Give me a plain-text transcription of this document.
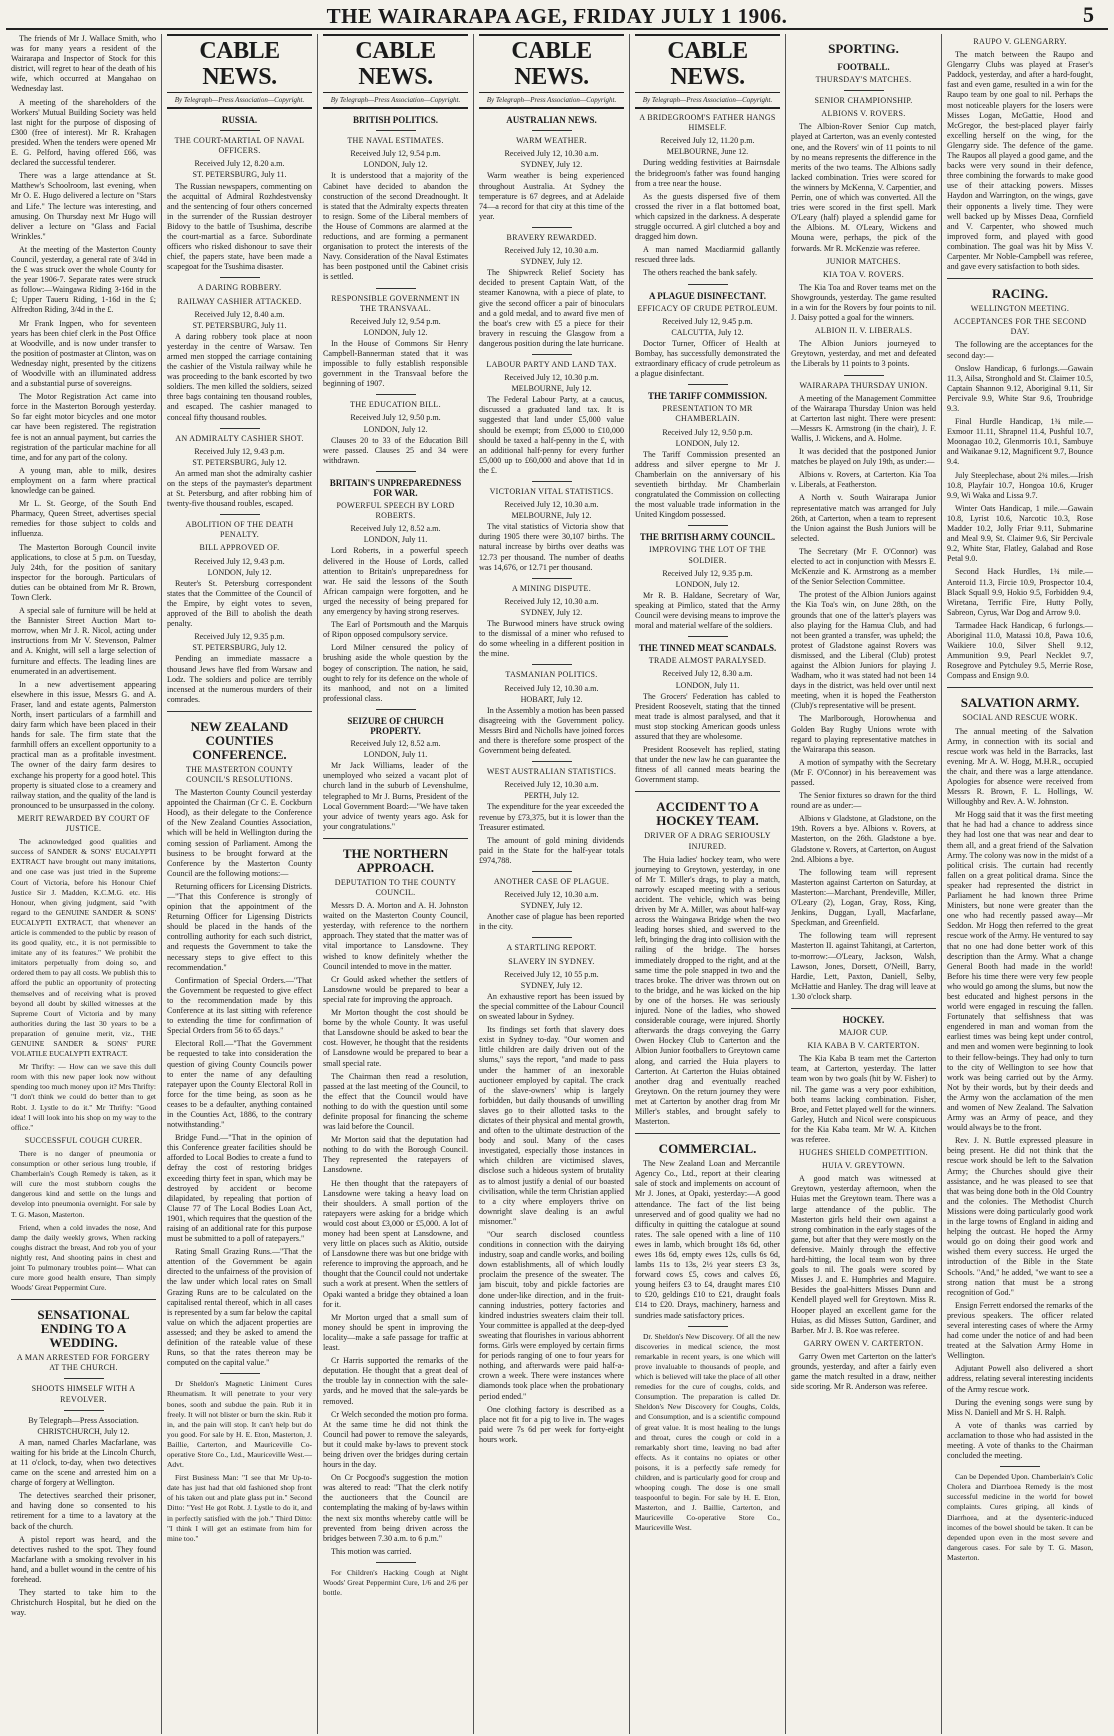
THE WAIRARAPA AGE, FRIDAY JULY 1⁠ 1906.	5

The friends of Mr J. Wallace Smith, who was for many years a resident of the Wairarapa and Inspector of Stock for this district, will regret to hear of the death of his wife, which occurred at Mangahao on Wednesday last.

A meeting of the shareholders of the Workers' Mutual Building Society was held last night for the purpose of disposing of £300 (free of interest). Mr R. Krahagen presided. When the tenders were opened Mr E. G. Pelford, having offered £66, was declared the successful tenderer.

There was a large attendance at St. Matthew's Schoolroom, last evening, when Mr O. E. Hugo delivered a lecture on "Stars and Life." The lecture was interesting, and amusing. On Thursday next Mr Hugo will deliver a lecture on "Glass and Facial Wrinkles."

At the meeting of the Masterton County Council, yesterday, a general rate of 3/4d in the £ was struck over the whole County for the year 1906-7. Separate rates were struck as follow:—Waingawa Riding 3-16d in the £; Upper Taueru Riding, 1-16d in the £; Alfredton Riding, 3/4d in the £.

Mr Frank Ingpen, who for seventeen years has been chief clerk in the Post Office at Woodville, and is now under transfer to the position of postmaster at Clinton, was on Wednesday night, presented by the citizens of Woodville with an illuminated address and a substantial purse of sovereigns.

The Motor Registration Act came into force in the Masterton Borough yesterday. So far eight motor bicycles and one motor car have been registered. The registration fee is not an annual payment, but carries the registration of the particular machine for all time, and for any part of the colony.

A young man, able to milk, desires employment on a farm where practical knowledge can be gained.

Mr L. St. George, of the South End Pharmacy, Queen Street, advertises special remedies for those subject to colds and influenza.

The Masterton Borough Council invite applications, to close at 5 p.m. on Tuesday, July 24th, for the position of sanitary inspector for the borough. Particulars of duties can be obtained from Mr R. Brown, Town Clerk.

A special sale of furniture will be held at the Bannister Street Auction Mart to-morrow, when Mr J. R. Nicol, acting under instructions from Mr V. Stevenson, Palmer and A. Knight, will sell a large selection of furniture and effects. The leading lines are enumerated in an advertisement.

In a new advertisement appearing elsewhere in this issue, Messrs G. and A. Fraser, land and estate agents, Palmerston North, insert particulars of a farmhill and dairy farm which have been placed in their hands for sale. The firm state that the farmhill offers an excellent opportunity to a practical man as a profitable investment. The owner of the dairy farm desires to exchange his property for a good hotel. This property is situated close to a creamery and railway station, and the quality of the land is pronounced to be unsurpassed in the colony.

MERIT REWARDED BY COURT OF JUSTICE.

The acknowledged good qualities and success of SANDER & SONS' EUCALYPTI EXTRACT have brought out many imitations, and one case was just tried in the Supreme Court of Victoria, before his Honour Chief Justice Sir J. Madden, K.C.M.G. etc. His Honour, when giving judgment, said "with regard to the GENUINE SANDER & SONS' EUCALYPTI EXTRACT, that whenever an article is commended to the public by reason of its good quality, etc., it is not permissible to imitate any of its features." We prohibit the imitators perpetually from doing so, and ordered them to pay all costs. We publish this to afford the public an opportunity of protecting themselves and of receiving what is proved beyond all doubt by skilled witnesses at the Supreme Court of Victoria and by many authorities during the last 30 years to be a preparation of genuine merit, viz., THE GENUINE SANDER & SONS' PURE VOLATILE EUCALYPTI EXTRACT.

Mr Thrifty: — How can we save this dull room with this new paper look now without spending too much money upon it? Mrs Thrifty: "I don't think we could do better than to get Robt. J. Lystle to do it." Mr Thrifty: "Good idea! I will look into his shop on my way to the office."

SUCCESSFUL COUGH CURER.

There is no danger of pneumonia or consumption or other serious lung trouble, if Chamberlain's Cough Remedy is taken, as it will cure the most stubborn coughs the dangerous kind and settle on the lungs and develop into pneumonia overnight. For sale by T. G. Mason, Masterton.

Friend, when a cold invades the nose, And damp the daily weekly grows, When racking coughs distract the breast, And rob you of your nightly rest, And shooting pains in chest and joint To pulmonary troubles point— What can cure more good health ensure, Than simply Woods' Great Peppermint Cure.

SENSATIONAL ENDING TO A WEDDING.
A MAN ARRESTED FOR FORGERY AT THE CHURCH.
SHOOTS HIMSELF WITH A REVOLVER.
By Telegraph—Press Association.
CHRISTCHURCH, July 12.

A man, named Charles Macfarlane, was waiting for his bride at the Lincoln Church, at 11 o'clock, to-day, when two detectives came on the scene and arrested him on a charge of forgery at Wellington.

The detectives searched their prisoner, and having done so consented to his retirement for a time to a lavatory at the back of the church.

A pistol report was heard, and the detectives rushed to the spot. They found Macfarlane with a smoking revolver in his hand, and a bullet wound in the centre of his forehead.

They started to take him to the Christchurch Hospital, but he died on the way.

CABLE NEWS.
By Telegraph—Press Association—Copyright.
RUSSIA.
THE COURT-MARTIAL OF NAVAL OFFICERS.
Received July 12, 8.20 a.m.
ST. PETERSBURG, July 11.

The Russian newspapers, commenting on the acquittal of Admiral Rozhdestvensky and the sentencing of four others concerned in the surrender of the Russian destroyer Bidovy to the battle of Tsushima, describe the court-martial as a farce. Subordinate officers who risked dishonour to save their chief, the papers state, have been made a scapegoat for the Tsushima disaster.

A DARING ROBBERY.
RAILWAY CASHIER ATTACKED.
Received July 12, 8.40 a.m.
ST. PETERSBURG, July 11.

A daring robbery took place at noon yesterday in the centre of Warsaw. Ten armed men stopped the carriage containing the cashier of the Vistula railway while he was proceeding to the bank escorted by two soldiers. The men killed the soldiers, seized three bags containing ten thousand roubles, and escaped. The cashier managed to conceal fifty thousand roubles.

AN ADMIRALTY CASHIER SHOT.
Received July 12, 9.43 p.m.
ST. PETERSBURG, July 12.

An armed man shot the admiralty cashier on the steps of the paymaster's department at St. Petersburg, and after robbing him of twenty-five thousand roubles, escaped.

ABOLITION OF THE DEATH PENALTY.
BILL APPROVED OF.
Received July 12, 9.43 p.m.
LONDON, July 12.

Reuter's St. Petersburg correspondent states that the Committee of the Council of the Empire, by eight votes to seven, approved of the Bill to abolish the death penalty.

Received July 12, 9.35 p.m.
ST. PETERSBURG, July 12.

Pending an immediate massacre a thousand Jews have fled from Warsaw and Lodz. The soldiers and police are terribly incensed at the numerous murders of their comrades.

NEW ZEALAND COUNTIES CONFERENCE.
THE MASTERTON COUNTY COUNCIL'S RESOLUTIONS.

The Masterton County Council yesterday appointed the Chairman (Cr C. E. Cockburn Hood), as their delegate to the Conference of the New Zealand Counties Association, which will be held in Wellington during the coming session of Parliament. Among the business to be brought forward at the Conference by the Masterton County Council are the following motions:—

Returning officers for Licensing Districts.—"That this Conference is strongly of opinion that the appointment of the Returning Officer for Ligensing Districts should be placed in the hands of the controlling authority for each such district, and requests the Government to take the necessary steps to give effect to this recommendation."

Confirmation of Special Orders.—"That the Government be requested to give effect to the recommendation made by this Conference at its last sitting with reference to extending the time for confirmation of Special Orders from 56 to 65 days."

Electoral Roll.—"That the Government be requested to take into consideration the question of giving County Councils power to enter the name of any defaulting ratepayer upon the County Electoral Roll in force for the time being, as soon as he ceases to be a defaulter, anything contained in the Counties Act, 1886, to the contrary notwithstanding."

Bridge Fund.—"That in the opinion of this Conference greater facilities should be afforded to Local Bodies to create a fund to defray the cost of restoring bridges exceeding thirty feet in span, which may be destroyed by accident or become dilapidated, by repealing that portion of Clause 77 of The Local Bodies Loan Act, 1901, which requires that the question of the raising of an additional rate for this purpose must be submitted to a poll of ratepayers."

Rating Small Grazing Runs.—"That the attention of the Government be again directed to the unfairness of the provision of the law under which local rates on Small Grazing Runs are to be calculated on the capitalised rental thereof, which in all cases is represented by a sum far below the capital value on which the adjacent properties are assessed; and they be asked to amend the definition of the rateable value of these Runs, so that the rates thereon may be computed on the capital value."

Dr Sheldon's Magnetic Liniment Cures Rheumatism. It will penetrate to your very bones, sooth and subdue the pain. Rub it in freely. It will not blister or burn the skin. Rub it in, and the pain will stop. It can't help but do you good. For sale by H. E. Eton, Masterton, J. Baillie, Carterton, and Mauriceville Co-operative Store Co., Ltd., Mauriceville West.—Advt.

First Business Man: "I see that Mr Up-to-date has just had that old fashioned shop front of his taken out and plate glass put in." Second Ditto: "Yes! He got Robt. J. Lystle to do it, and in perfectly satisfied with the job." Third Ditto: "I think I will get an estimate from him for mine too."

CABLE NEWS.
By Telegraph—Press Association—Copyright.
BRITISH POLITICS.
THE NAVAL ESTIMATES.
Received July 12, 9.54 p.m.
LONDON, July 12.

It is understood that a majority of the Cabinet have decided to abandon the construction of the second Dreadnought. It is stated that the Admiralty expects threaten to resign. Some of the Liberal members of the House of Commons are alarmed at the reductions, and are forming a permanent organisation to protect the interests of the Navy. Consideration of the Naval Estimates has been postponed until the Cabinet crisis is settled.

RESPONSIBLE GOVERNMENT IN THE TRANSVAAL.
Received July 12, 9.54 p.m.
LONDON, July 12.

In the House of Commons Sir Henry Campbell-Bannerman stated that it was impossible to fully establish responsible government in the Transvaal before the beginning of 1907.

THE EDUCATION BILL.
Received July 12, 9.50 p.m.
LONDON, July 12.

Clauses 20 to 33 of the Education Bill were passed. Clauses 25 and 34 were withdrawn.

BRITAIN'S UNPREPAREDNESS FOR WAR.
POWERFUL SPEECH BY LORD ROBERTS.
Received July 12, 8.52 a.m.
LONDON, July 11.

Lord Roberts, in a powerful speech delivered in the House of Lords, called attention to Britain's unpreparedness for war. He said the lessons of the South African campaign were forgotten, and he urged the necessity of being prepared for any emergency by having strong reserves.

The Earl of Portsmouth and the Marquis of Ripon opposed compulsory service.

Lord Milner censured the policy of brushing aside the whole question by the bogey of conscription. The nation, he said, ought to rely for its defence on the whole of its manhood, and not on a limited professional class.

SEIZURE OF CHURCH PROPERTY.
Received July 12, 8.52 a.m.
LONDON, July 11.

Mr Jack Williams, leader of the unemployed who seized a vacant plot of church land in the suburb of Levenshulme, telegraphed to Mr J. Burns, President of the Local Government Board:—"We have taken your advice of twenty years ago. Ask for your congratulations."

THE NORTHERN APPROACH.
DEPUTATION TO THE COUNTY COUNCIL.

Messrs D. A. Morton and A. H. Johnston waited on the Masterton County Council, yesterday, with reference to the northern approach. They stated that the matter was of vital importance to Lansdowne. They wished to know definitely whether the Council intended to move in the matter.

Cr Gould asked whether the settlers of Lansdowne would be prepared to bear a special rate for improving the approach.

Mr Morton thought the cost should be borne by the whole County. It was useful that Lansdowne should be asked to bear the cost. However, he thought that the residents of Lansdowne would be prepared to bear a small special rate.

The Chairman then read a resolution, passed at the last meeting of the Council, to the effect that the Council would have nothing to do with the question until some definite proposal for financing the scheme was laid before the Council.

Mr Morton said that the deputation had nothing to do with the Borough Council. They represented the ratepayers of Lansdowne.

He then thought that the ratepayers of Lansdowne were taking a heavy load on their shoulders. A small portion of the ratepayers were asking for a bridge which would cost about £3,000 or £5,000. A lot of money had been spent at Lansdowne, and very little on places such as Akitio, outside of Lansdowne there was but one bridge with reference to improving the approach, and he thought that the Council could not undertake such a work at present. When the settlers of Opaki wanted a bridge they obtained a loan for it.

Mr Morton urged that a small sum of money should be spent in improving the locality—make a safe passage for traffic at least.

Cr Harris supported the remarks of the deputation. He thought that a great deal of the trouble lay in connection with the sale-yards, and he moved that the sale-yards be removed.

Cr Welch seconded the motion pro forma. At the same time he did not think the Council had power to remove the saleyards, but it could make by-laws to prevent stock being driven over the bridges during certain hours in the day.

On Cr Pocgood's suggestion the motion was altered to read: "That the clerk notify the auctioneers that the Council are contemplating the making of by-laws within the next six months whereby cattle will be prevented from being driven across the bridges between 7.30 a.m. to 6 p.m."

This motion was carried.

For Children's Hacking Cough at Night Woods' Great Peppermint Cure, 1/6 and 2/6 per bottle.

CABLE NEWS.
By Telegraph—Press Association—Copyright.
AUSTRALIAN NEWS.
WARM WEATHER.
Received July 12, 10.30 a.m.
SYDNEY, July 12.

Warm weather is being experienced throughout Australia. At Sydney the temperature is 67 degrees, and at Adelaide 74—a record for that city at this time of the year.

BRAVERY REWARDED.
Received July 12, 10.30 a.m.
SYDNEY, July 12.

The Shipwreck Relief Society has decided to present Captain Watt, of the steamer Kanowna, with a piece of plate, to give the second officer a pair of binoculars and a gold medal, and to award five men of the boat's crew with £5 a piece for their bravery in rescuing the Glasgow from a dangerous position during the late hurricane.

LABOUR PARTY AND LAND TAX.
Received July 12, 10.30 p.m.
MELBOURNE, July 12.

The Federal Labour Party, at a caucus, discussed a graduated land tax. It is suggested that land under £5,000 value should be exempt; from £5,000 to £10,000 should be taxed a half-penny in the £, with an additional half-penny for every further £5,000 up to £60,000 and above that 1d in the £.

VICTORIAN VITAL STATISTICS.
Received July 12, 10.30 a.m.
MELBOURNE, July 12.

The vital statistics of Victoria show that during 1905 there were 30,107 births. The natural increase by births over deaths was 12.73 per thousand. The number of deaths was 14,676, or 12.71 per thousand.

A MINING DISPUTE.
Received July 12, 10.30 a.m.
SYDNEY, July 12.

The Burwood miners have struck owing to the dismissal of a miner who refused to do some wheeling in a different position in the mine.

TASMANIAN POLITICS.
Received July 12, 10.30 a.m.
HOBART, July 12.

In the Assembly a motion has been passed disagreeing with the Government policy. Messrs Bird and Nicholls have joined forces and there is therefore some prospect of the Government being defeated.

WEST AUSTRALIAN STATISTICS.
Received July 12, 10.30 a.m.
PERTH, July 12.

The expenditure for the year exceeded the revenue by £73,375, but it is lower than the Treasurer estimated.

The amount of gold mining dividends paid in the State for the half-year totals £974,788.

ANOTHER CASE OF PLAGUE.
Received July 12, 10.30 a.m.
SYDNEY, July 12.

Another case of plague has been reported in the city.

A STARTLING REPORT.
SLAVERY IN SYDNEY.
Received July 12, 10 55 p.m.
SYDNEY, July 12.

An exhaustive report has been issued by the special committee of the Labour Council on sweated labour in Sydney.

Its findings set forth that slavery does exist in Sydney to-day. "Our women and little children are daily driven out of the slums," says the report, "and made to pass under the hammer of an inexorable auctioneer employed by capital. The crack of the slave-owners' whip is largely forbidden, but daily thousands of unwilling slaves go to their allotted tasks to the dictates of their physical and mental growth, and often to the ultimate destruction of the body and soul. Many of the cases investigated, especially those instances in which children are victimised slaves, disclose such a hideous system of brutality as to almost justify a denial of our boasted civilisation, while the term Christian applied to a city where employers thrive on downright slave dealing is an awful misnomer."

"Our search disclosed countless conditions in connection with the dairying industry, soap and candle works, and boiling down establishments, all of which loudly proclaim the presence of the sweater. The jam biscuit, toby and pickle factories are done under-like direction, and in the fruit-canning industries, pottery factories and kindred industries sweaters claim their toll. Your committee is appalled at the deep-dyed sweating that flourishes in various abhorrent forms. Girls were employed by certain firms for periods ranging of one to four years for nothing, and afterwards were paid half-a-crown a week. There were instances where diamonds took place when the probationary period ended."

One clothing factory is described as a place not fit for a pig to live in. The wages paid were 7s 6d per week for forty-eight hours work.

CABLE NEWS.
By Telegraph—Press Association—Copyright.
A BRIDEGROOM'S FATHER HANGS HIMSELF.
Received July 12, 11.20 p.m.
MELBOURNE, June 12.

During wedding festivities at Bairnsdale the bridegroom's father was found hanging from a tree near the house.

As the guests dispersed five of them crossed the river in a flat bottomed boat, which capsized in the darkness. A desperate struggle occurred. A girl clutched a boy and dragged him down.

A man named Macdiarmid gallantly rescued three lads.

The others reached the bank safely.

A PLAGUE DISINFECTANT.
EFFICACY OF CRUDE PETROLEUM.
Received July 12, 9.45 p.m.
CALCUTTA, July 12.

Doctor Turner, Officer of Health at Bombay, has successfully demonstrated the extraordinary efficacy of crude petroleum as a plague disinfectant.

THE TARIFF COMMISSION.
PRESENTATION TO MR CHAMBERLAIN.
Received July 12, 9.50 p.m.
LONDON, July 12.

The Tariff Commission presented an address and silver epergne to Mr J. Chamberlain on the anniversary of his seventieth birthday. Mr Chamberlain congratulated the Commission on collecting the most valuable trade information in the United Kingdom possessed.

THE BRITISH ARMY COUNCIL.
IMPROVING THE LOT OF THE SOLDIER.
Received July 12, 9.35 p.m.
LONDON, July 12.

Mr R. B. Haldane, Secretary of War, speaking at Pimlico, stated that the Army Council were devising means to improve the moral and material welfare of the soldiers.

THE TINNED MEAT SCANDALS.
TRADE ALMOST PARALYSED.
Received July 12, 8.30 a.m.
LONDON, July 11.

The Grocers' Federation has cabled to President Roosevelt, stating that the tinned meat trade is almost paralysed, and that it must stop stocking American goods unless assured that they are wholesome.

President Roosevelt has replied, stating that under the new law he can guarantee the fitness of all canned meats bearing the Government stamp.

ACCIDENT TO A HOCKEY TEAM.
DRIVER OF A DRAG SERIOUSLY INJURED.

The Huia ladies' hockey team, who were journeying to Greytown, yesterday, in one of Mr T. Miller's drags, to play a match, narrowly escaped meeting with a serious accident. The vehicle, which was being driven by Mr A. Miller, was about half-way across the Waingawa Bridge when the two leading horses shied, and swerved to the left, bringing the drag into collision with the railing of the bridge. The horses immediately dropped to the right, and at the same time the pole snapped in two and the traces broke. The driver was thrown out on to the bridge, and he was kicked on the hip by one of the horses. He was seriously injured. None of the ladies, who showed considerable courage, were injured. Shortly afterwards the drags conveying the Garry Owen Hockey Club to Carterton and the Albion Junior footballers to Greytown came along, and carried the Huia players to Carterton. At Carterton the Huias obtained another drag and eventually reached Greytown. On the return journey they were met at Carterton by another drag from Mr Miller's stables, and brought safely to Masterton.

COMMERCIAL.

The New Zealand Loan and Mercantile Agency Co., Ltd., report at their clearing sale of stock and implements on account of Mr J. Jones, at Opaki, yesterday:—A good attendance. The fact of the list being unreserved and of good quality we had no difficulty in quitting the catalogue at sound rates. The sale opened with a line of 110 ewes in lamb, which brought 18s 6d, other ewes 18s 6d, empty ewes 12s, culls 6s 6d, lambs 11s to 13s, 2½ year steers £3 3s, forward cows £5, cows and calves £6, young heifers £3 to £4, draught mares £10 to £20, geldings £10 to £21, draught foals £14 to £20. Drays, machinery, harness and sundries made satisfactory prices.

Dr. Sheldon's New Discovery. Of all the new discoveries in medical science, the most remarkable in recent years, is one which will prove invaluable to thousands of people, and which is believed will take the place of all other remedies for the cure of coughs, colds, and Consumption. The preparation is called Dr. Sheldon's New Discovery for Coughs, Colds, and Consumption, and is a scientific compound of great value. It is most healing to the lungs and throat, cures the cough or cold in a remarkably short time, leaving no bad after effects. As it contains no opiates or other poisons, it is a perfectly safe remedy for children, and is particularly good for croup and whooping cough. The dose is one small teaspoonful to begin. For sale by H. E. Eton, Masterton, and J. Baillie, Carterton, and Mauriceville Co-operative Store Co., Mauriceville West.

SPORTING.
FOOTBALL.
THURSDAY'S MATCHES.
SENIOR CHAMPIONSHIP.
ALBIONS V. ROVERS.

The Albion-Rover Senior Cup match, played at Carterton, was an evenly contested one, and the Rovers' win of 11 points to nil by no means represents the difference in the merits of the two teams. The Albions sadly lacked combination. Tries were scored for the winners by McKenna, V. Carpentier, and Perrin, one of which was converted. All the tries were scored in the first spell. Mark O'Leary (half) played a splendid game for the Albions. M. O'Leary, Wickens and Mouna were, perhaps, the pick of the forwards. Mr R. McKenzie was referee.

JUNIOR MATCHES.
KIA TOA V. ROVERS.

The Kia Toa and Rover teams met on the Showgrounds, yesterday. The game resulted in a win for the Rovers by four points to nil. J. Daisy potted a goal for the winners.

ALBION II. V. LIBERALS.

The Albion Juniors journeyed to Greytown, yesterday, and met and defeated the Liberals by 11 points to 3 points.

WAIRARAPA THURSDAY UNION.

A meeting of the Management Committee of the Wairarapa Thursday Union was held at Carterton last night. There were present:—Messrs K. Armstrong (in the chair), J. F. Wallis, J. Wickens, and A. Holme.

It was decided that the postponed Junior matches be played on July 19th, as under:—

Albions v. Rovers, at Carterton. Kia Toa v. Liberals, at Featherston.

A North v. South Wairarapa Junior representative match was arranged for July 26th, at Carterton, when a team to represent the Union against the Bush Juniors will be selected.

The Secretary (Mr F. O'Connor) was elected to act in conjunction with Messrs E. McKenzie and K. Armstrong as a member of the Senior Selection Committee.

The protest of the Albion Juniors against the Kia Toa's win, on June 28th, on the grounds that one of the latter's players was also playing for the Hamua Club, and had not been granted a transfer, was upheld; the protest of Gladstone against Rovers was dismissed, and the Liberal (Club) protest against the Albion Juniors for playing J. Wadham, who it was stated had not been 14 days in the district, was held over until next meeting, when it is hoped the Featherston (Club)'s representative will be present.

The Marlborough, Horowhenua and Golden Bay Rugby Unions wrote with regard to playing representative matches in the Wairarapa this season.

A motion of sympathy with the Secretary (Mr F. O'Connor) in his bereavement was passed.

The Senior fixtures so drawn for the third round are as under:—

Albions v Gladstone, at Gladstone, on the 19th. Rovers a bye. Albions v. Rovers, at Masterton, on the 26th. Gladstone a bye. Gladstone v. Rovers, at Carterton, on August 2nd. Albions a bye.

The following team will represent Masterton against Carterton on Saturday, at Masterton:—Marchant, Prendeville, Miller, O'Leary (2), Logan, Gray, Ross, King, Jenkins, Duggan, Lyall, Macfarlane, Speckman, and Greenfield.

The following team will represent Masterton II. against Tahitangi, at Carterton, to-morrow:—O'Leary, Jackson, Walsh, Lawson, Jones, Dorsett, O'Neill, Barry, Hardie, Lett, Paxton, Daniell, Selby, McHattie and Hanley. The drag will leave at 1.30 o'clock sharp.

HOCKEY.
MAJOR CUP.
KIA KABA B V. CARTERTON.

The Kia Kaba B team met the Carterton team, at Carterton, yesterday. The latter team won by two goals (hit by W. Fisher) to nil. The game was a very poor exhibition, both teams lacking combination. Fisher, Broe, and Fettet played well for the winners. Garley, Hutch and Nicol were conspicuous for the Kia Kaba team. Mr W. A. Kitchen was referee.

HUGHES SHIELD COMPETITION.
HUIA V. GREYTOWN.

A good match was witnessed at Greytown, yesterday afternoon, when the Huias met the Greytown team. There was a large attendance of the public. The Masterton girls held their own against a strong combination in the early stages of the game, but after that they were mostly on the defensive. Mainly through the effective hard-hitting, the local team won by three goals to nil. The goals were scored by Misses J. and E. Humphries and Maguire. Besides the goal-hitters Misses Dunn and Kendell played well for Greytown. Miss R. Hooper played an excellent game for the Huias, as did Misses Sutton, Gardiner, and Barber. Mr J. B. Roe was referee.

GARRY OWEN V. CARTERTON.

Garry Owen met Carterton on the latter's grounds, yesterday, and after a fairly even game the match resulted in a draw, neither side scoring. Mr R. Anderson was referee.

RAUPO V. GLENGARRY.

The match between the Raupo and Glengarry Clubs was played at Fraser's Paddock, yesterday, and after a hard-fought, fast and even game, resulted in a win for the Raupo team by one goal to nil. Perhaps the most noticeable players for the losers were Misses Logan, McGattie, Hood and McGregor, the best-placed player fairly excelling herself on the wing, for the Glengarry side. The defence of the game. The Raupos all played a good game, and the backs were very sound in their defence, three combining the forwards to make good use of their attacking powers. Misses Haydon and Warrington, on the wings, gave their opponents a lively time. They were well backed up by Misses Deaa, Cornfield and V. Carpenter, who showed much improved form, and played with good combination. The goal was hit by Miss V. Carpenter. Mr Noble-Campbell was referee, and gave every satisfaction to both sides.

RACING.
WELLINGTON MEETING.
ACCEPTANCES FOR THE SECOND DAY.

The following are the acceptances for the second day:—

Onslow Handicap, 6 furlongs.—Gawain 11.3, Ailsa, Stronghold and St. Claimer 10.5, Captain Shannon 9.12, Aboriginal 9.11, Sir Percivale 9.9, White Star 9.6, Troubridge 9.3.

Final Hurdle Handicap, 1¾ mile.—Exmoor 11.11, Shrapnel 11.4, Pushful 10.7, Moonagao 10.2, Glenmorris 10.1, Sambuye and Waikanae 9.12, Magnificent 9.7, Bounce 9.4.

July Steeplechase, about 2¾ miles.—Irish 10.8, Playfair 10.7, Hongoa 10.6, Kruger 9.9, Wi Waka and Lissa 9.7.

Winter Oats Handicap, 1 mile.—Gawain 10.8, Lyrist 10.6, Narcotic 10.3, Rose Madder 10.2, Jolly Friar 9.11, Submarine and Meal 9.9, St. Claimer 9.6, Sir Percivale 9.2, White Star, Flatley, Galabad and Rose Petal 9.0.

Second Hack Hurdles, 1¾ mile.—Anteroid 11.3, Fircie 10.9, Prospector 10.4, Black Squall 9.9, Hokio 9.5, Forbidden 9.4, Wiretana, Terrific Fire, Hutty Polly, Sabreon, Cyrus, War Dog and Arrow 9.0.

Tarmadee Hack Handicap, 6 furlongs.—Aboriginal 11.0, Matassi 10.8, Pawa 10.6, Waikiere 10.0, Silver Shell 9.12, Ammunition 9.9, Pearl Necklet 9.7, Rosegrove and Pytchuley 9.5, Merrie Rose, Compass and Ensign 9.0.

SALVATION ARMY.
SOCIAL AND RESCUE WORK.

The annual meeting of the Salvation Army, in connection with its social and rescue work was held in the Barracks, last evening. Mr A. W. Hogg, M.H.R., occupied the chair, and there was a large attendance. Apologies for absence were received from Messrs R. Brown, F. L. Hollings, W. Willoughby and Rev. A. W. Johnston.

Mr Hogg said that it was the first meeting that he had had a chance to address since they had lost one that was near and dear to them all, and a great friend of the Salvation Army. The colony was now in the midst of a political crisis. The curtain had recently fallen on a great political drama. Since the speaker had represented the district in Parliament he had known three Prime Ministers, but none were greater than the one who had recently passed away—Mr Seddon. Mr Hogg then referred to the great rescue work of the Army. He ventured to say that no one had done better work of this description than the Army. What a change General Booth had made in the world! Before his time there were very few people who would go among the slums, but now the best educated and highest persons in the world were engaged in rescuing the fallen. Fortunately that selfishness that was engendered in man and woman from the earliest times was being kept under control, and men and women were beginning to look to their fellow-beings. They had only to turn to the city of Wellington to see how that work was being carried out by the Army. Not by their words, but by their deeds and the Army won the acclamation of the men and women of New Zealand. The Salvation Army was an Army of peace, and they would always be to the front.

Rev. J. N. Buttle expressed pleasure in being present. He did not think that the rescue work should be left to the Salvation Army; the Churches should give their assistance, and he was pleased to see that that was being done both in the Old Country and the colonies. The Methodist Church Missions were doing particularly good work in the large towns of England in aiding and helping the outcast. He hoped the Army would go on doing their good work and wished them every success. He urged the introduction of the Bible in the State Schools. "And," he added, "we want to see a strong nation that must be a strong recognition of God."

Ensign Ferrett endorsed the remarks of the previous speakers. The officer related several interesting cases of where the Army had come under the notice of and had been treated at the Salvation Army Home in Wellington.

Adjutant Powell also delivered a short address, relating several interesting incidents of the Army rescue work.

During the evening songs were sung by Miss N. Daniell and Mr S. H. Ralph.

A vote of thanks was carried by acclamation to those who had assisted in the meeting. A vote of thanks to the Chairman concluded the meeting.

Can be Depended Upon. Chamberlain's Colic Cholera and Diarrhoea Remedy is the most successful medicine in the world for bowel complaints. Cures griping, all kinds of Diarrhoea, and at the dysenteric-induced incomes of the bowel should be taken. It can be depended upon even in the most severe and dangerous cases. For sale by T. G. Mason, Masterton.
